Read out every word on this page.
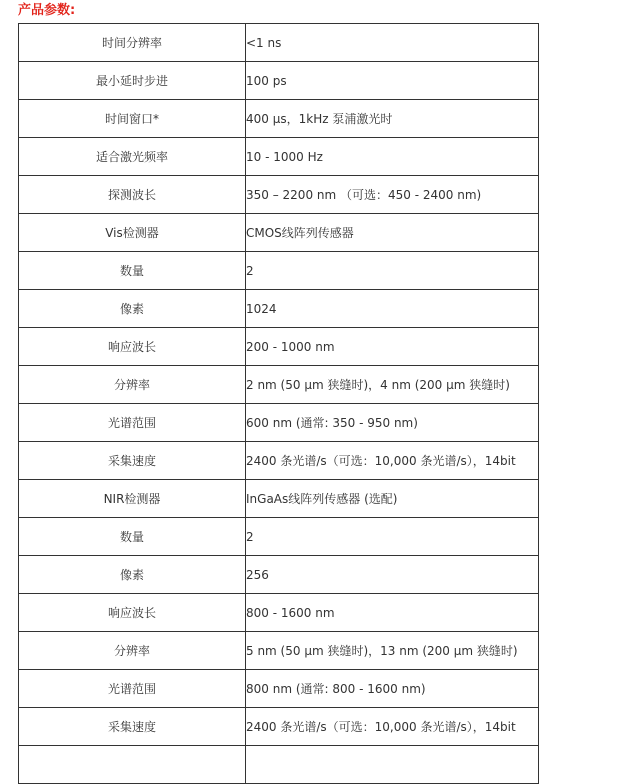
产品参数:
时间分辨率	<1 ns
最小延时步进	100 ps
时间窗口*	400 μs，1kHz 泵浦激光时
适合激光频率	10 - 1000 Hz
探测波长	350 – 2200 nm （可选：450 - 2400 nm)
Vis检测器	CMOS线阵列传感器
数量	2
像素	1024
响应波长	200 - 1000 nm
分辨率	2 nm (50 μm 狭缝时)，4 nm (200 μm 狭缝时)
光谱范围	600 nm (通常: 350 - 950 nm)
采集速度	2400 条光谱/s（可选：10,000 条光谱/s），14bit
NIR检测器	InGaAs线阵列传感器 (选配)
数量	2
像素	256
响应波长	800 - 1600 nm
分辨率	5 nm (50 μm 狭缝时)，13 nm (200 μm 狭缝时)
光谱范围	800 nm (通常: 800 - 1600 nm)
采集速度	2400 条光谱/s（可选：10,000 条光谱/s），14bit
